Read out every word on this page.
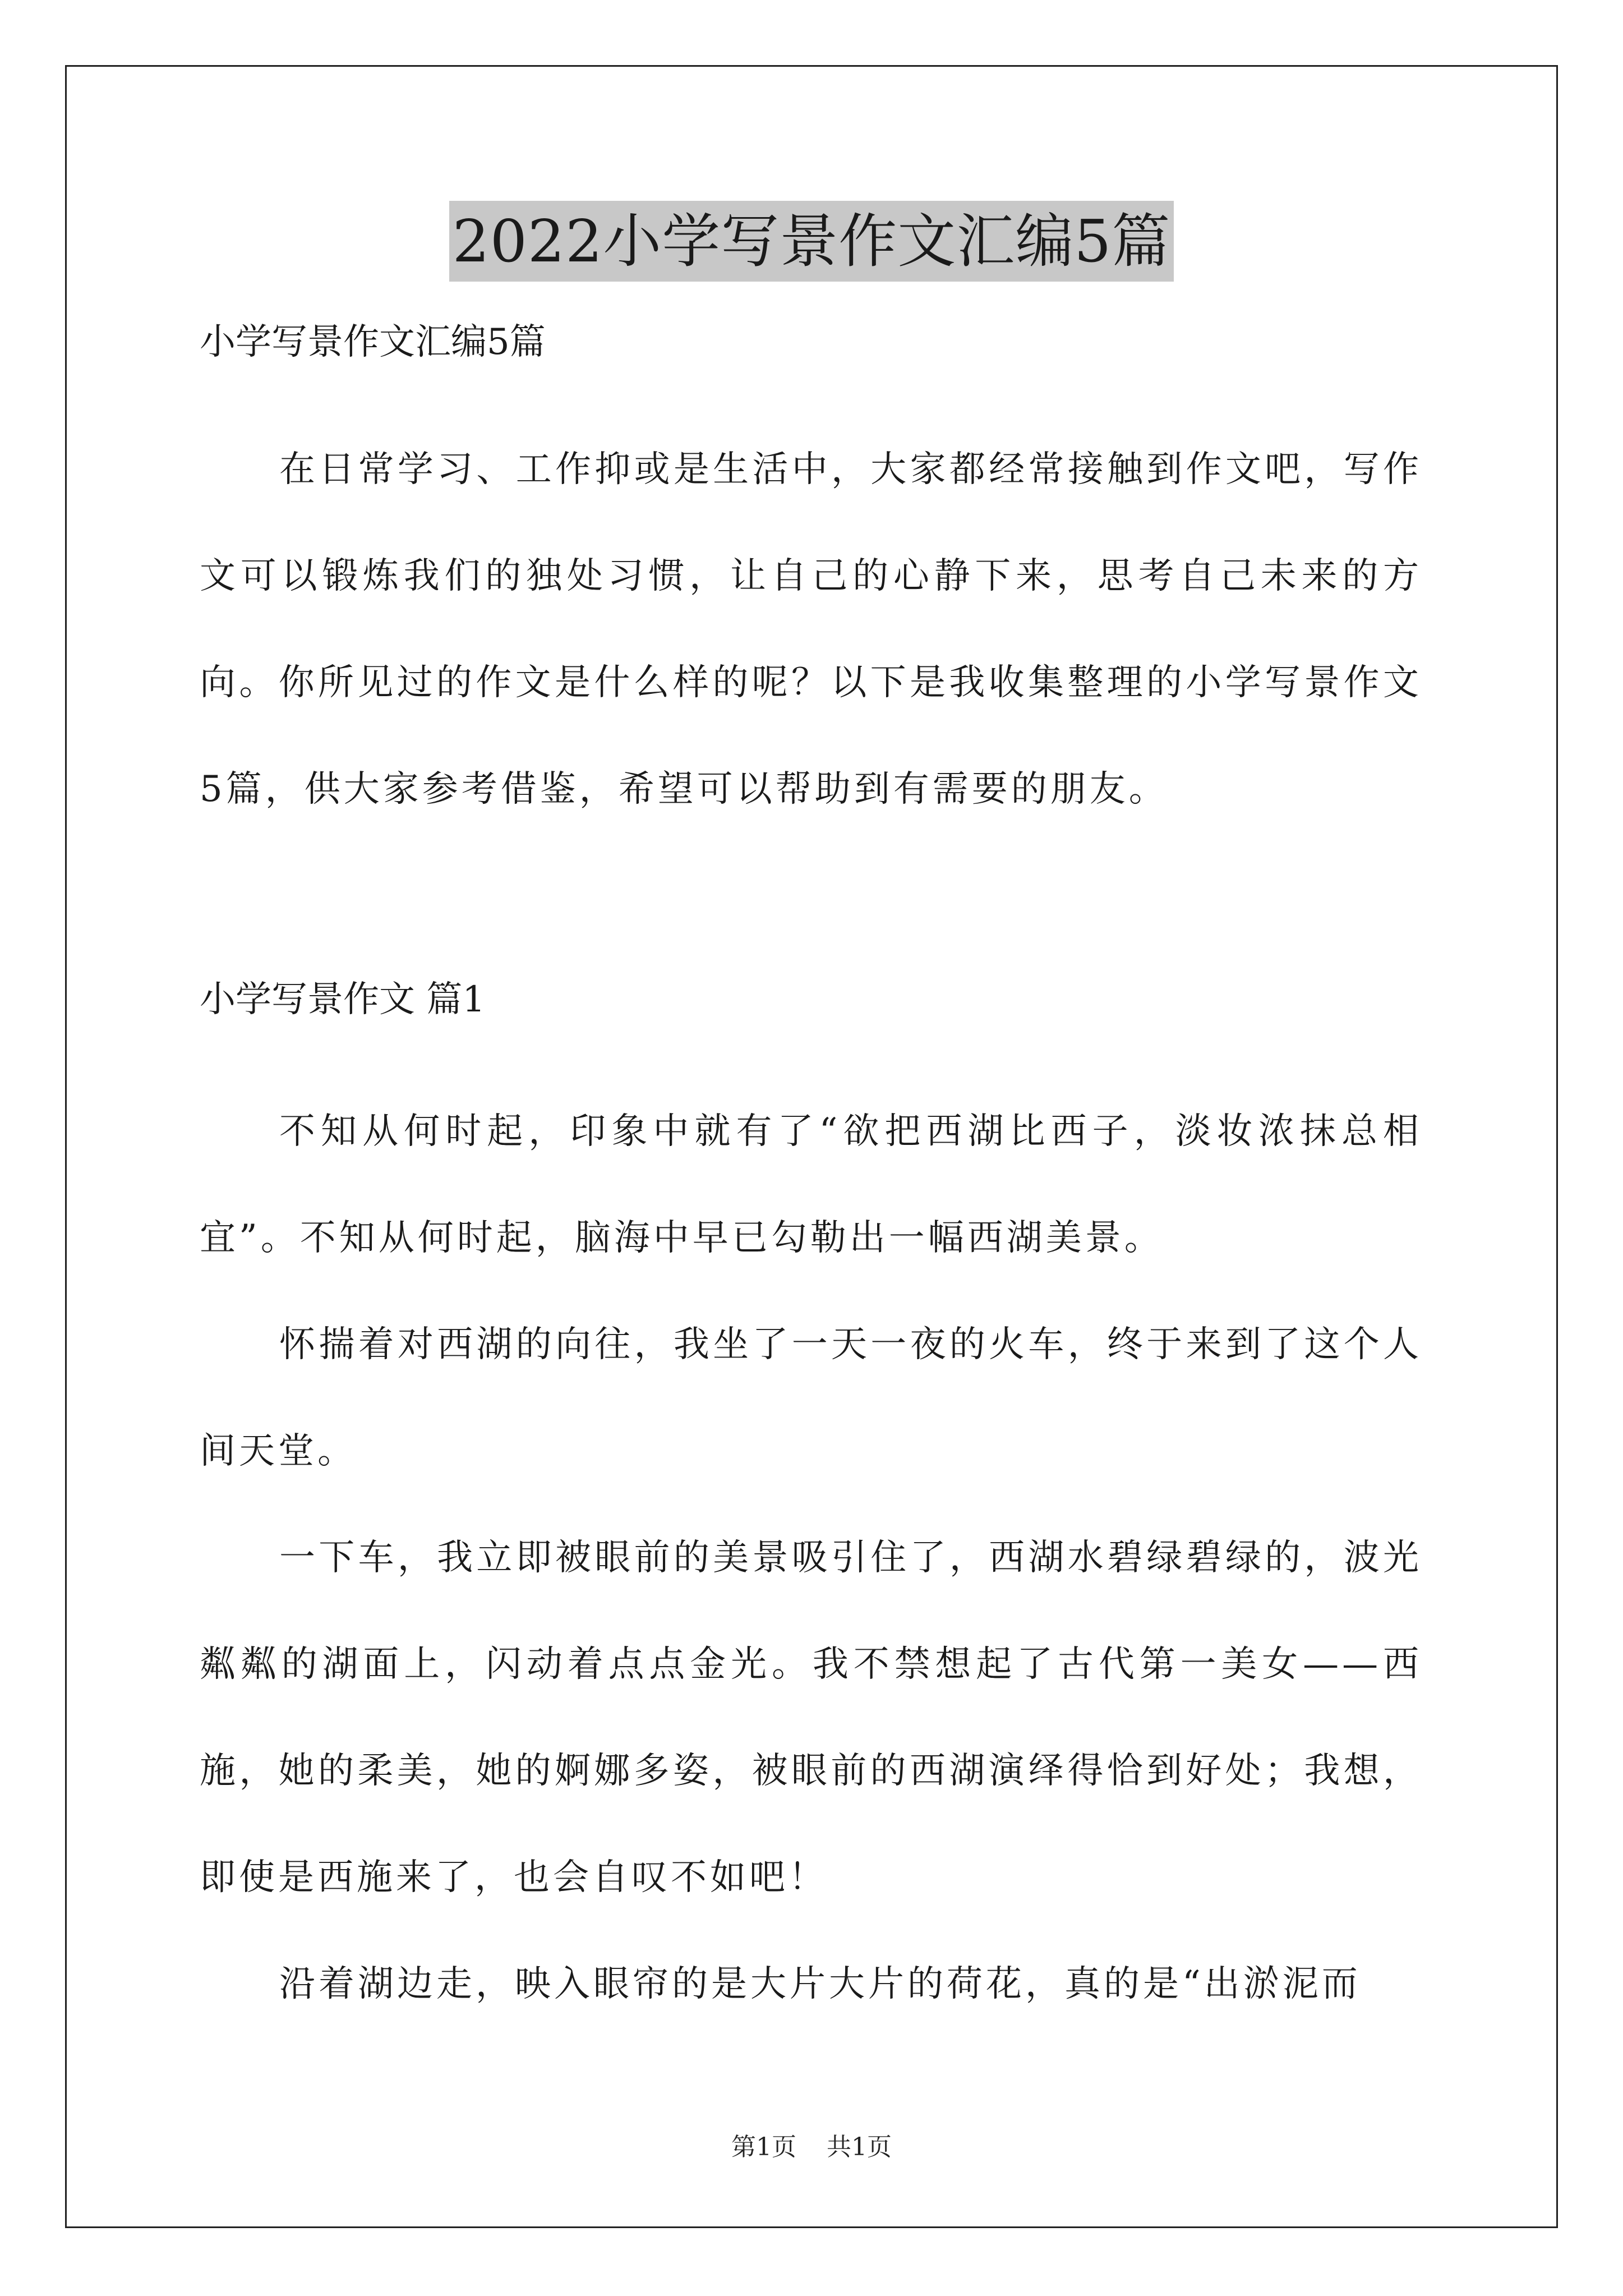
2022小学写景作文汇编5篇

小学写景作文汇编5篇

在日常学习、工作抑或是生活中，大家都经常接触到作文吧，写作文可以锻炼我们的独处习惯，让自己的心静下来，思考自己未来的方向。你所见过的作文是什么样的呢？以下是我收集整理的小学写景作文5篇，供大家参考借鉴，希望可以帮助到有需要的朋友。

小学写景作文 篇1

不知从何时起，印象中就有了“欲把西湖比西子，淡妆浓抹总相宜”。不知从何时起，脑海中早已勾勒出一幅西湖美景。

怀揣着对西湖的向往，我坐了一天一夜的火车，终于来到了这个人间天堂。

一下车，我立即被眼前的美景吸引住了，西湖水碧绿碧绿的，波光粼粼的湖面上，闪动着点点金光。我不禁想起了古代第一美女——西施，她的柔美，她的婀娜多姿，被眼前的西湖演绎得恰到好处；我想，即使是西施来了，也会自叹不如吧！

沿着湖边走，映入眼帘的是大片大片的荷花，真的是“出淤泥而

第1页 共1页
